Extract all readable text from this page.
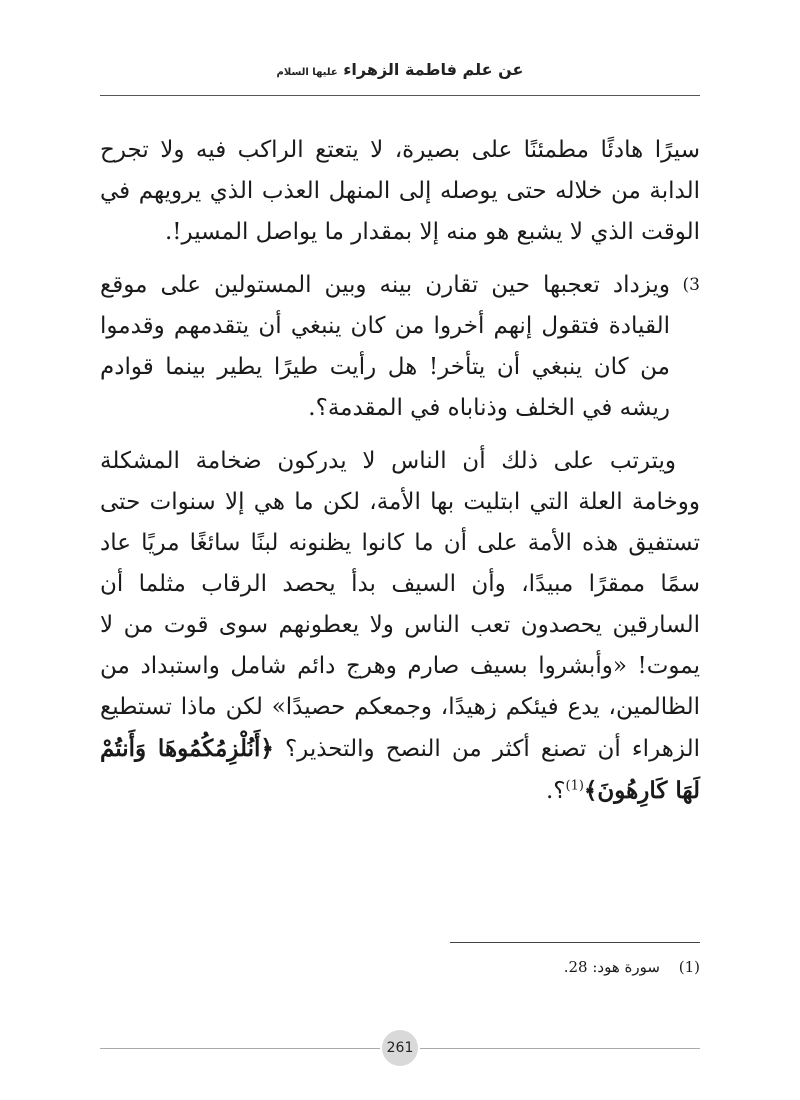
عن علم فاطمة الزهراء عليها السلام

سيرًا هادئًا مطمئنًا على بصيرة، لا يتعتع الراكب فيه ولا تجرح الدابة من خلاله حتى يوصله إلى المنهل العذب الذي يرويهم في الوقت الذي لا يشبع هو منه إلا بمقدار ما يواصل المسير!.

3)
ويزداد تعجبها حين تقارن بينه وبين المستولين على موقع القيادة فتقول إنهم أخروا من كان ينبغي أن يتقدمهم وقدموا من كان ينبغي أن يتأخر! هل رأيت طيرًا يطير بينما قوادم ريشه في الخلف وذناباه في المقدمة؟.

ويترتب على ذلك أن الناس لا يدركون ضخامة المشكلة ووخامة العلة التي ابتليت بها الأمة، لكن ما هي إلا سنوات حتى تستفيق هذه الأمة على أن ما كانوا يظنونه لبنًا سائغًا مريًا عاد سمًا ممقرًا مبيدًا، وأن السيف بدأ يحصد الرقاب مثلما أن السارقين يحصدون تعب الناس ولا يعطونهم سوى قوت من لا يموت! «وأبشروا بسيف صارم وهرج دائم شامل واستبداد من الظالمين، يدع فيئكم زهيدًا، وجمعكم حصيدًا» لكن ماذا تستطيع الزهراء أن تصنع أكثر من النصح والتحذير؟ ﴿أَنُلْزِمُكُمُوهَا وَأَنتُمْ لَهَا كَارِهُونَ﴾$^{(1)}$؟.

(1) سورة هود: 28.
261
